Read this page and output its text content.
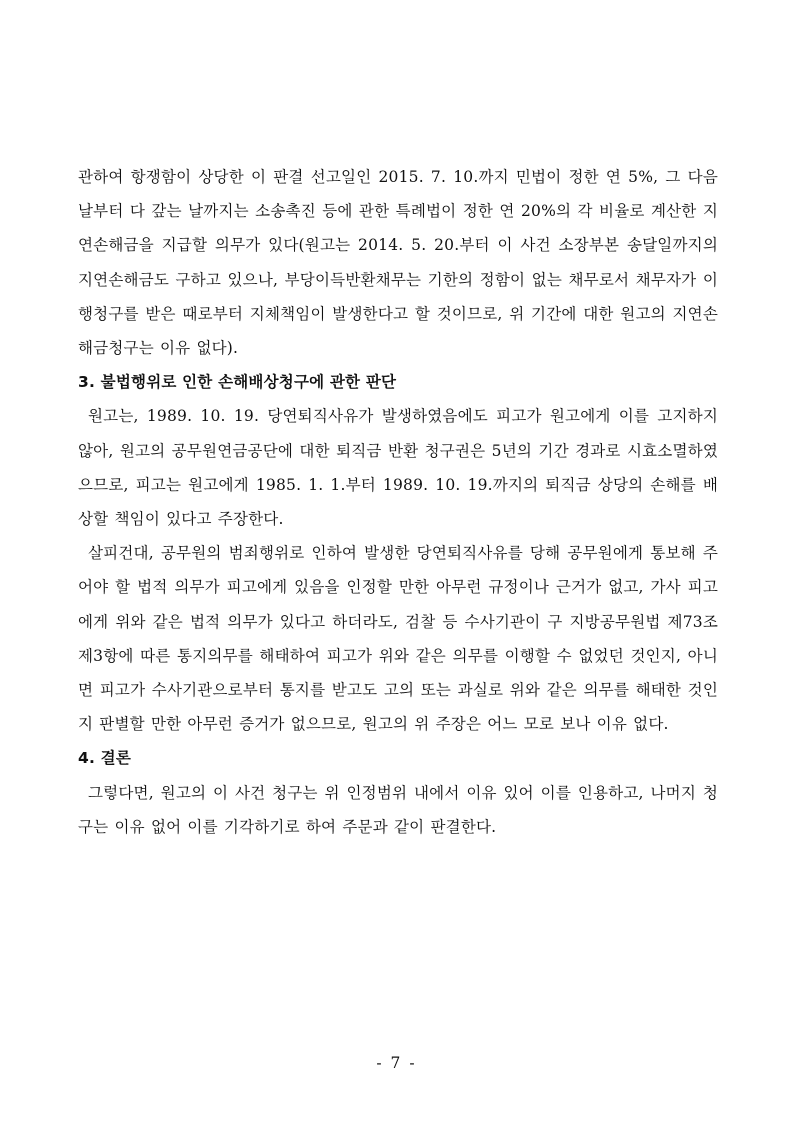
관하여 항쟁함이 상당한 이 판결 선고일인 2015. 7. 10.까지 민법이 정한 연 5%, 그 다음날부터 다 갚는 날까지는 소송촉진 등에 관한 특례법이 정한 연 20%의 각 비율로 계산한 지연손해금을 지급할 의무가 있다(원고는 2014. 5. 20.부터 이 사건 소장부본 송달일까지의 지연손해금도 구하고 있으나, 부당이득반환채무는 기한의 정함이 없는 채무로서 채무자가 이행청구를 받은 때로부터 지체책임이 발생한다고 할 것이므로, 위 기간에 대한 원고의 지연손해금청구는 이유 없다).

3. 불법행위로 인한 손해배상청구에 관한 판단

원고는, 1989. 10. 19. 당연퇴직사유가 발생하였음에도 피고가 원고에게 이를 고지하지 않아, 원고의 공무원연금공단에 대한 퇴직금 반환 청구권은 5년의 기간 경과로 시효소멸하였으므로, 피고는 원고에게 1985. 1. 1.부터 1989. 10. 19.까지의 퇴직금 상당의 손해를 배상할 책임이 있다고 주장한다.

살피건대, 공무원의 범죄행위로 인하여 발생한 당연퇴직사유를 당해 공무원에게 통보해 주어야 할 법적 의무가 피고에게 있음을 인정할 만한 아무런 규정이나 근거가 없고, 가사 피고에게 위와 같은 법적 의무가 있다고 하더라도, 검찰 등 수사기관이 구 지방공무원법 제73조 제3항에 따른 통지의무를 해태하여 피고가 위와 같은 의무를 이행할 수 없었던 것인지, 아니면 피고가 수사기관으로부터 통지를 받고도 고의 또는 과실로 위와 같은 의무를 해태한 것인지 판별할 만한 아무런 증거가 없으므로, 원고의 위 주장은 어느 모로 보나 이유 없다.

4. 결론

그렇다면, 원고의 이 사건 청구는 위 인정범위 내에서 이유 있어 이를 인용하고, 나머지 청구는 이유 없어 이를 기각하기로 하여 주문과 같이 판결한다.

- 7 -
